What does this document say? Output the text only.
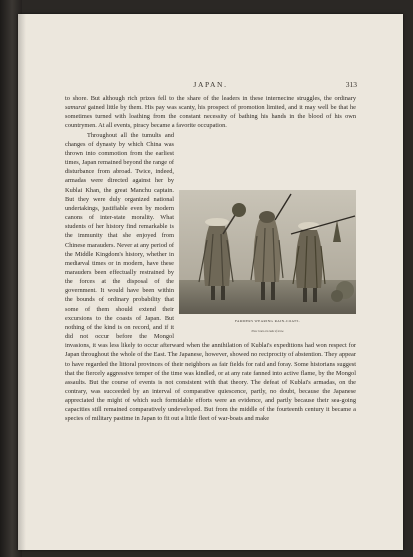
JAPAN.	313

to shore. But although rich prizes fell to the share of the leaders in these internecine struggles, the ordinary samurai gained little by them. His pay was scanty, his prospect of promotion limited, and it may well be that he sometimes turned with loathing from the constant necessity of bathing his hands in the blood of his own countrymen. At all events, piracy became a favorite occupation.

FARMERS WEARING RAIN-COATS.
These Coats are made of straw.

Throughout all the tumults and changes of dynasty by which China was thrown into commotion from the earliest times, Japan remained beyond the range of disturbance from abroad. Twice, indeed, armadas were directed against her by Kublai Khan, the great Manchu captain. But they were duly organized national undertakings, justifiable even by modern canons of inter-state morality. What students of her history find remarkable is the immunity that she enjoyed from Chinese marauders. Never at any period of the Middle Kingdom's history, whether in mediæval times or in modern, have these marauders been effectually restrained by the forces at the disposal of the government. It would have been within the bounds of ordinary probability that some of them should extend their excursions to the coasts of Japan. But nothing of the kind is on record, and if it did not occur before the Mongol invasions, it was less likely to occur afterward when the annihilation of Kublai's expeditions had won respect for Japan throughout the whole of the East. The Japanese, however, showed no reciprocity of abstention. They appear to have regarded the littoral provinces of their neighbors as fair fields for raid and foray. Some historians suggest that the fiercely aggressive temper of the time was kindled, or at any rate fanned into active flame, by the Mongol assaults. But the course of events is not consistent with that theory. The defeat of Kublai's armadas, on the contrary, was succeeded by an interval of comparative quiescence, partly, no doubt, because the Japanese appreciated the might of which such formidable efforts were an evidence, and partly because their sea-going capacities still remained comparatively undeveloped. But from the middle of the fourteenth century it became a species of military pastime in Japan to fit out a little fleet of war-boats and make
